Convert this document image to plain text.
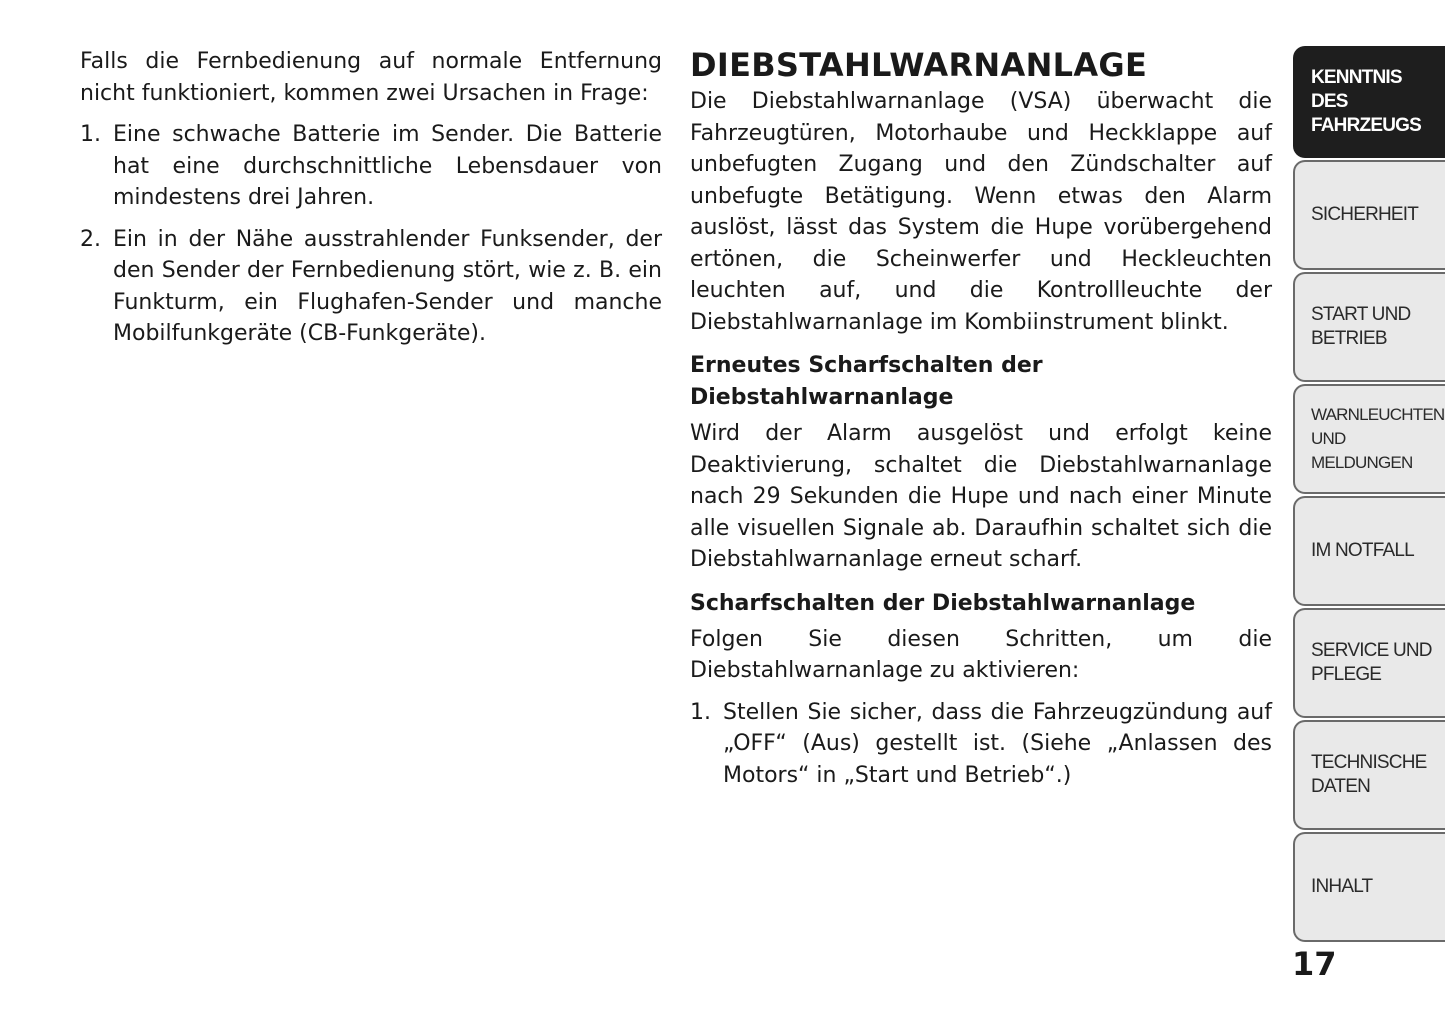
Falls die Fernbedienung auf normale Entfernung nicht funktioniert, kommen zwei Ursachen in Frage:

1. Eine schwache Batterie im Sender. Die Batterie hat eine durchschnittliche Lebensdauer von mindestens drei Jahren.
2. Ein in der Nähe ausstrahlender Funksender, der den Sender der Fernbedienung stört, wie z. B. ein Funkturm, ein Flughafen-Sender und manche Mobilfunkgeräte (CB-Funkgeräte).
DIEBSTAHLWARNANLAGE

Die Diebstahlwarnanlage (VSA) überwacht die Fahrzeugtüren, Motorhaube und Heckklappe auf unbefugten Zugang und den Zündschalter auf unbefugte Betätigung. Wenn etwas den Alarm auslöst, lässt das System die Hupe vorübergehend ertönen, die Scheinwerfer und Heckleuchten leuchten auf, und die Kontrollleuchte der Diebstahlwarnanlage im Kombiinstrument blinkt.

Erneutes Scharfschalten der Diebstahlwarnanlage

Wird der Alarm ausgelöst und erfolgt keine Deaktivierung, schaltet die Diebstahlwarnanlage nach 29 Sekunden die Hupe und nach einer Minute alle visuellen Signale ab. Daraufhin schaltet sich die Diebstahlwarnanlage erneut scharf.

Scharfschalten der Diebstahlwarnanlage

Folgen Sie diesen Schritten, um die Diebstahlwarnanlage zu aktivieren:

1. Stellen Sie sicher, dass die Fahrzeugzündung auf „OFF“ (Aus) gestellt ist. (Siehe „Anlassen des Motors“ in „Start und Betrieb“.)
KENNTNIS
DES
FAHRZEUGS
SICHERHEIT
START UND
BETRIEB
WARNLEUCHTEN
UND MELDUNGEN
IM NOTFALL
SERVICE UND
PFLEGE
TECHNISCHE
DATEN
INHALT
17
